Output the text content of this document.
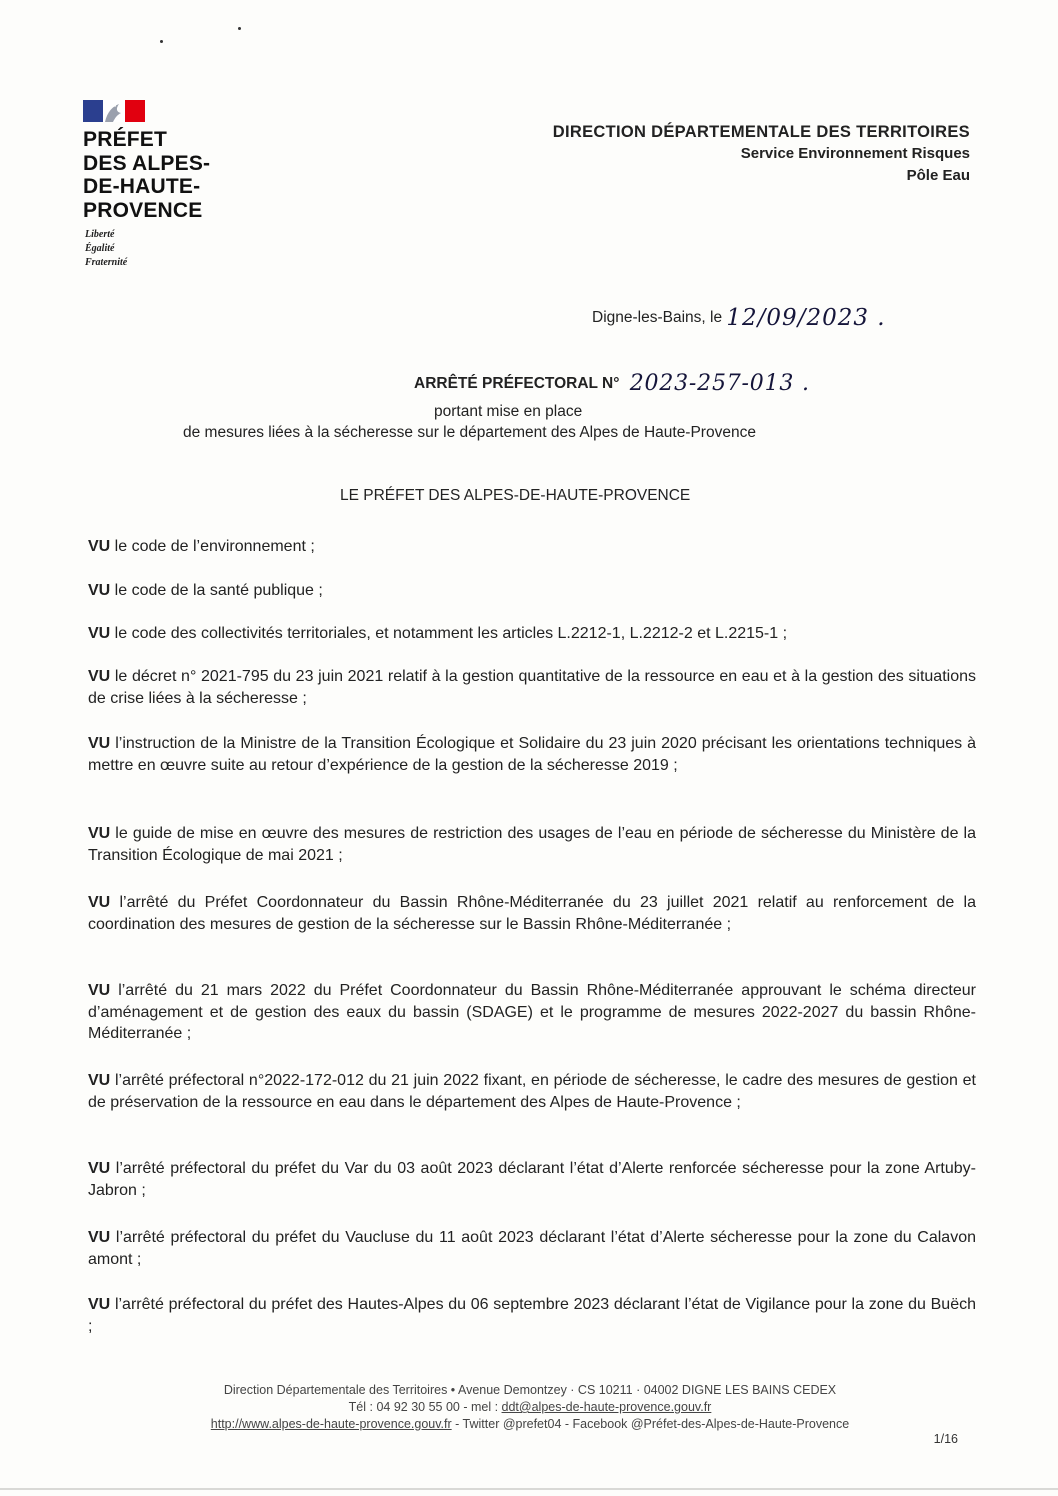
PRÉFET
DES ALPES-
DE-HAUTE-
PROVENCE
Liberté
Égalité
Fraternité
DIRECTION DÉPARTEMENTALE DES TERRITOIRES
Service Environnement Risques
Pôle Eau
Digne-les-Bains, le 12/09/2023 .
ARRÊTÉ PRÉFECTORAL N° 2023-257-013 .
portant mise en place
de mesures liées à la sécheresse sur le département des Alpes de Haute-Provence
LE PRÉFET DES ALPES-DE-HAUTE-PROVENCE
VU le code de l’environnement ;
VU le code de la santé publique ;
VU le code des collectivités territoriales, et notamment les articles L.2212-1, L.2212-2 et L.2215-1 ;
VU le décret n° 2021-795 du 23 juin 2021 relatif à la gestion quantitative de la ressource en eau et à la gestion des situations de crise liées à la sécheresse ;
VU l’instruction de la Ministre de la Transition Écologique et Solidaire du 23 juin 2020 précisant les orientations techniques à mettre en œuvre suite au retour d’expérience de la gestion de la sécheresse 2019 ;
VU le guide de mise en œuvre des mesures de restriction des usages de l’eau en période de sécheresse du Ministère de la Transition Écologique de mai 2021 ;
VU l’arrêté du Préfet Coordonnateur du Bassin Rhône-Méditerranée du 23 juillet 2021 relatif au renforcement de la coordination des mesures de gestion de la sécheresse sur le Bassin Rhône-Méditerranée ;
VU l’arrêté du 21 mars 2022 du Préfet Coordonnateur du Bassin Rhône-Méditerranée approuvant le schéma directeur d’aménagement et de gestion des eaux du bassin (SDAGE) et le programme de mesures 2022-2027 du bassin Rhône-Méditerranée ;
VU l’arrêté préfectoral n°2022-172-012 du 21 juin 2022 fixant, en période de sécheresse, le cadre des mesures de gestion et de préservation de la ressource en eau dans le département des Alpes de Haute-Provence ;
VU l’arrêté préfectoral du préfet du Var du 03 août 2023 déclarant l’état d’Alerte renforcée sécheresse pour la zone Artuby-Jabron ;
VU l’arrêté préfectoral du préfet du Vaucluse du 11 août 2023 déclarant l’état d’Alerte sécheresse pour la zone du Calavon amont ;
VU l’arrêté préfectoral du préfet des Hautes-Alpes du 06 septembre 2023 déclarant l’état de Vigilance pour la zone du Buëch ;
Direction Départementale des Territoires • Avenue Demontzey · CS 10211 · 04002 DIGNE LES BAINS CEDEX
Tél : 04 92 30 55 00 - mel : ddt@alpes-de-haute-provence.gouv.fr
http://www.alpes-de-haute-provence.gouv.fr - Twitter @prefet04 - Facebook @Préfet-des-Alpes-de-Haute-Provence
1/16
